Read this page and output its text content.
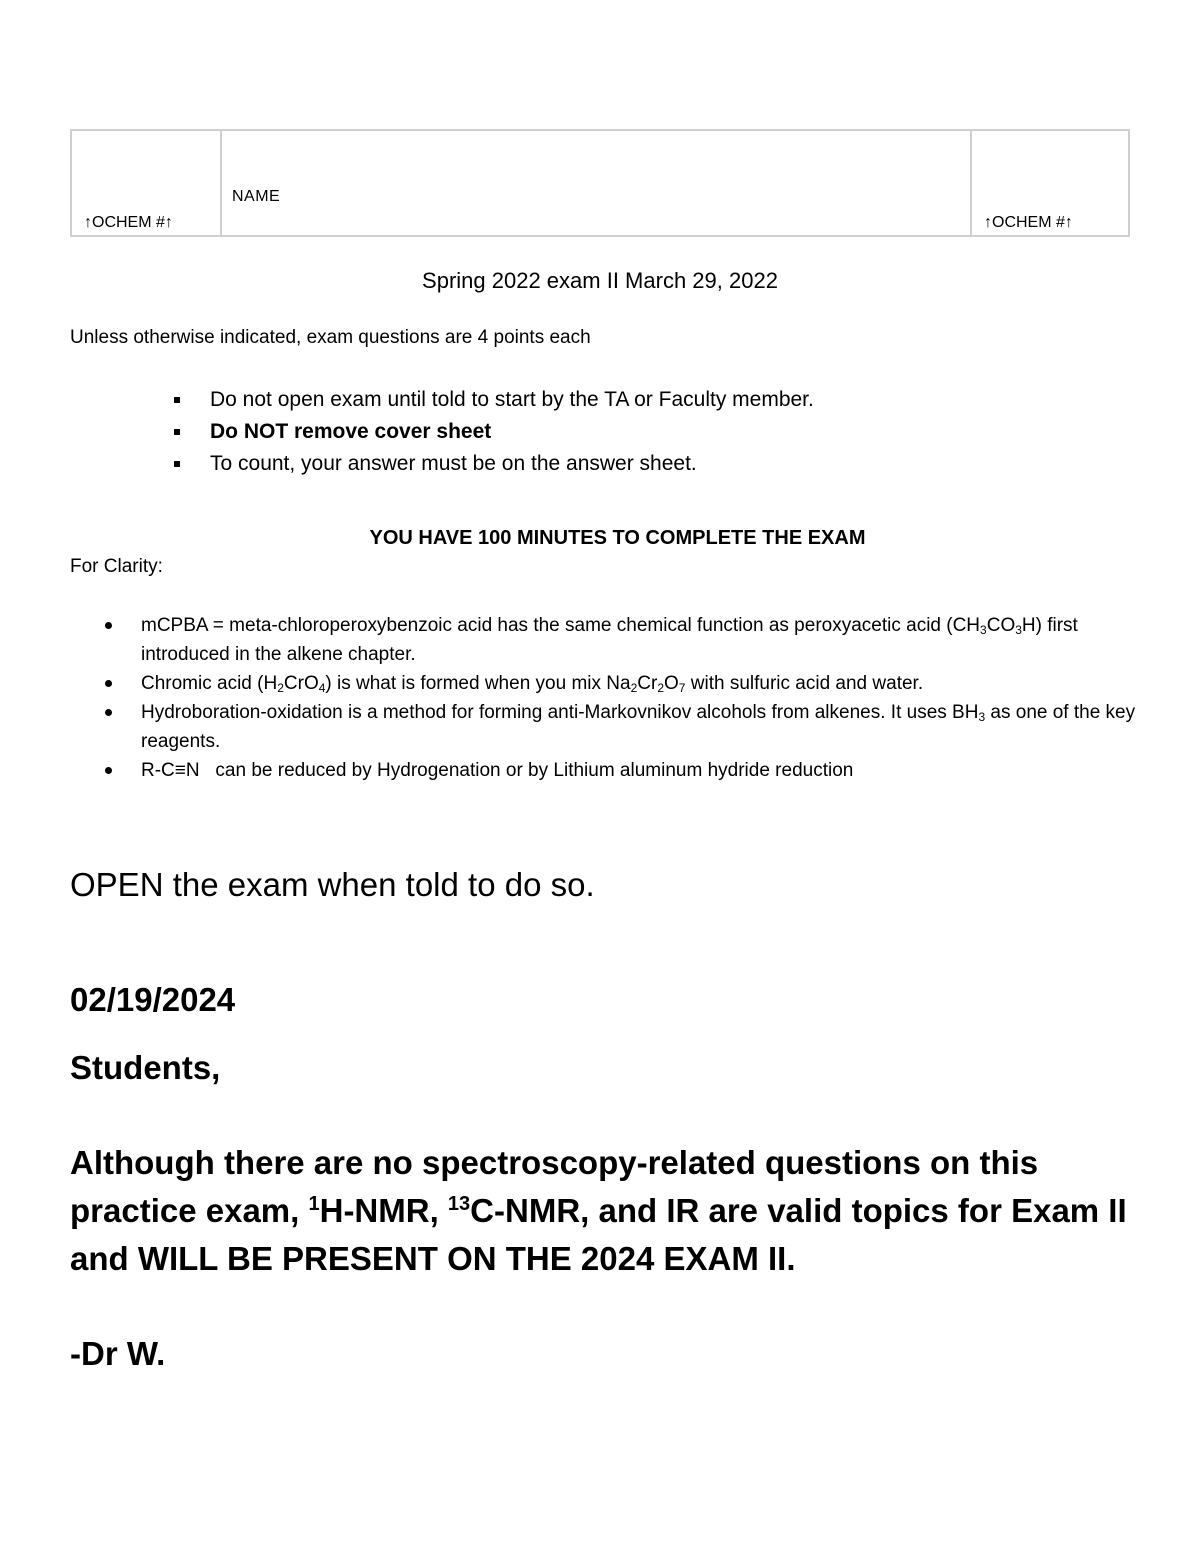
↑OCHEM #↑
NAME
↑OCHEM #↑
Spring 2022 exam II March 29, 2022
Unless otherwise indicated, exam questions are 4 points each
Do not open exam until told to start by the TA or Faculty member.
Do NOT remove cover sheet
To count, your answer must be on the answer sheet.
YOU HAVE 100 MINUTES TO COMPLETE THE EXAM
For Clarity:
mCPBA = meta-chloroperoxybenzoic acid has the same chemical function as peroxyacetic acid $(CH_3CO_3H)$ first introduced in the alkene chapter.
Chromic acid $(H_2CrO_4)$ is what is formed when you mix $Na_2Cr_2O_7$ with sulfuric acid and water.
Hydroboration-oxidation is a method for forming anti-Markovnikov alcohols from alkenes. It uses $BH_3$ as one of the key reagents.
R-C≡N   can be reduced by Hydrogenation or by Lithium aluminum hydride reduction
OPEN the exam when told to do so.
02/19/2024
Students,
Although there are no spectroscopy-related questions on this practice exam, $^1$H-NMR, $^{13}$C-NMR, and IR are valid topics for Exam II and WILL BE PRESENT ON THE 2024 EXAM II.
-Dr W.
